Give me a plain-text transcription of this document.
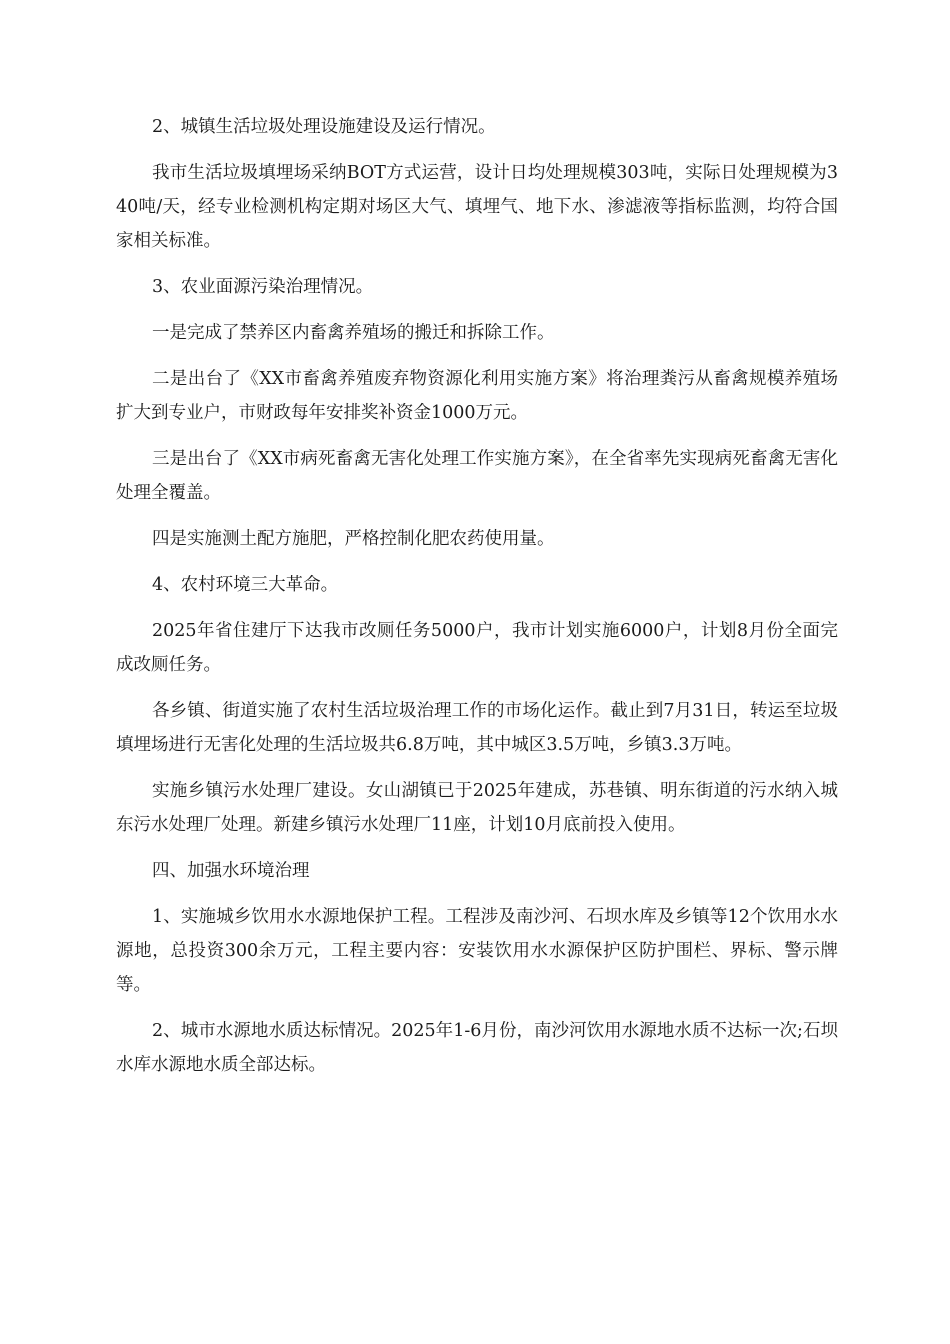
2、城镇生活垃圾处理设施建设及运行情况。

我市生活垃圾填埋场采纳BOT方式运营，设计日均处理规模303吨，实际日处理规模为340吨/天，经专业检测机构定期对场区大气、填埋气、地下水、渗滤液等指标监测，均符合国家相关标准。

3、农业面源污染治理情况。

一是完成了禁养区内畜禽养殖场的搬迁和拆除工作。

二是出台了《XX市畜禽养殖废弃物资源化利用实施方案》将治理粪污从畜禽规模养殖场扩大到专业户，市财政每年安排奖补资金1000万元。

三是出台了《XX市病死畜禽无害化处理工作实施方案》，在全省率先实现病死畜禽无害化处理全覆盖。

四是实施测土配方施肥，严格控制化肥农药使用量。

4、农村环境三大革命。

2025年省住建厅下达我市改厕任务5000户，我市计划实施6000户，计划8月份全面完成改厕任务。

各乡镇、街道实施了农村生活垃圾治理工作的市场化运作。截止到7月31日，转运至垃圾填埋场进行无害化处理的生活垃圾共6.8万吨，其中城区3.5万吨，乡镇3.3万吨。

实施乡镇污水处理厂建设。女山湖镇已于2025年建成，苏巷镇、明东街道的污水纳入城东污水处理厂处理。新建乡镇污水处理厂11座，计划10月底前投入使用。

四、加强水环境治理

1、实施城乡饮用水水源地保护工程。工程涉及南沙河、石坝水库及乡镇等12个饮用水水源地，总投资300余万元，工程主要内容：安装饮用水水源保护区防护围栏、界标、警示牌等。

2、城市水源地水质达标情况。2025年1-6月份，南沙河饮用水源地水质不达标一次;石坝水库水源地水质全部达标。
